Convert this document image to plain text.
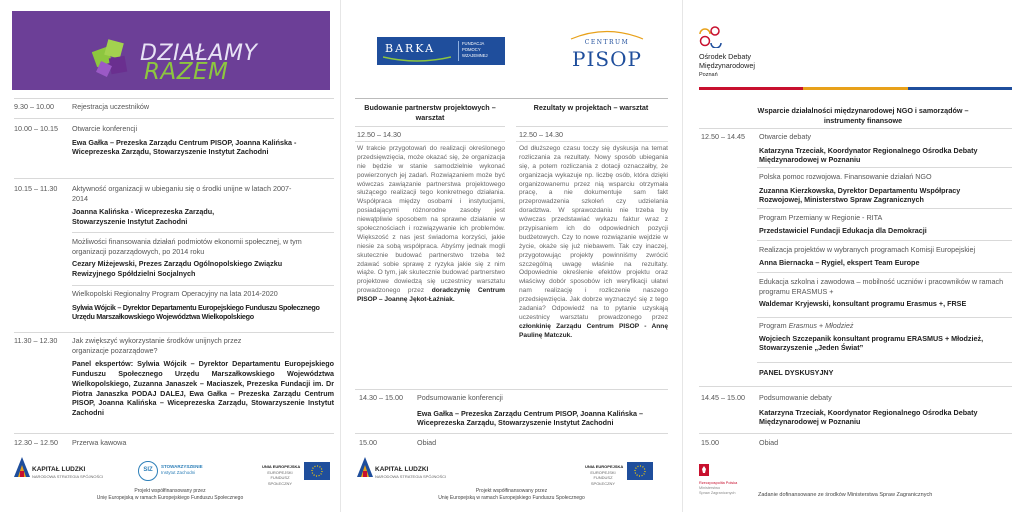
DZIAŁAMY
RAZEM
9.30 – 10.00	Rejestracja uczestników
10.00 – 10.15	Otwarcie konferencji
Ewa Gałka – Prezeska Zarządu Centrum PISOP, Joanna Kalińska - Wiceprezeska Zarządu, Stowarzyszenie Instytut Zachodni
10.15 – 11.30	Aktywność organizacji w ubieganiu się o środki unijne w latach 2007-2014
Joanna Kalińska - Wiceprezeska Zarządu, Stowarzyszenie Instytut Zachodni
Możliwości finansowania działań podmiotów ekonomii społecznej, w tym organizacji pozarządowych, po 2014 roku
Cezary Miżejewski, Prezes Zarządu Ogólnopolskiego Związku Rewizyjnego Spółdzielni Socjalnych
Wielkopolski Regionalny Program Operacyjny na lata 2014-2020
Sylwia Wójcik – Dyrektor Departamentu Europejskiego Funduszu Społecznego Urzędu Marszałkowskiego Województwa Wielkopolskiego
11.30 – 12.30	Jak zwiększyć wykorzystanie środków unijnych przez organizacje pozarządowe?
Panel ekspertów: Sylwia Wójcik – Dyrektor Departamentu Europejskiego Funduszu Społecznego Urzędu Marszałkowskiego Województwa Wielkopolskiego, Zuzanna Janaszek – Maciaszek, Prezeska Fundacji im. Dr Piotra Janaszka PODAJ DALEJ, Ewa Gałka – Prezeska Zarządu Centrum PISOP, Joanna Kalińska – Wiceprezeska Zarządu, Stowarzyszenie Instytut Zachodni
12.30 – 12.50	Przerwa kawowa
KAPITAŁ LUDZKI
NARODOWA STRATEGIA SPÓJNOŚCI
SIZ
STOWARZYSZENIE
Instytut Zachodni
UNIA EUROPEJSKA
EUROPEJSKI FUNDUSZ SPOŁECZNY
Projekt współfinansowany przez
Unię Europejską w ramach Europejskiego Funduszu Społecznego
BARKA	FUNDACJA
POMOCY
WZAJEMNEJ
CENTRUM
PISOP
Budowanie partnerstw projektowych – warsztat
12.50 – 14.30
W trakcie przygotowań do realizacji określonego przedsięwzięcia, może okazać się, że organizacja nie będzie w stanie samodzielnie wykonać powierzonych jej zadań. Rozwiązaniem może być wówczas zawiązanie partnerstwa projektowego służącego realizacji tego konkretnego działania. Współpraca między osobami i instytucjami, posiadającymi różnorodne zasoby jest niewątpliwie sposobem na sprawne działanie w społecznościach i rozwiązywanie ich problemów. Większość z nas jest świadoma korzyści, jakie niesie za sobą współpraca. Abyśmy jednak mogli skutecznie budować partnerstwo trzeba też zdawać sobie sprawę z ryzyka jakie się z nim wiąże. O tym, jak skutecznie budować partnerstwo projektowe dowiedzą się uczestnicy warsztatu prowadzonego przez doradczynię Centrum PISOP – Joannę Jękot-Łaźniak.
Rezultaty w projektach – warsztat
12.50 – 14.30
Od dłuższego czasu toczy się dyskusja na temat rozliczania za rezultaty. Nowy sposób ubiegania się, a potem rozliczania z dotacji oznaczałby, że organizacja wykazuje np. liczbę osób, która dzięki organizowanemu przez nią wsparciu otrzymała pracę, a nie dokumentuje sam fakt przeprowadzenia szkoleń czy udzielania doradztwa. W sprawozdaniu nie trzeba by wówczas przedstawiać wykazu faktur wraz z przypisaniem ich do odpowiednich pozycji budżetowych. Czy to nowe rozwiązanie wejdzie w życie, okaże się już niebawem. Tak czy inaczej, przygotowując projekty powinniśmy zwrócić szczególną uwagę właśnie na rezultaty. Odpowiednie określenie efektów projektu oraz właściwy dobór sposobów ich weryfikacji ułatwi nam realizację i rozliczenie naszego przedsięwzięcia. Jak dobrze wyznaczyć się z tego zadania? Odpowiedź na to pytanie uzyskają uczestnicy warsztatu prowadzonego przez członkinię Zarządu Centrum PISOP - Annę Paulinę Matczuk.
14.30 – 15.00	Podsumowanie konferencji
Ewa Gałka – Prezeska Zarządu Centrum PISOP, Joanna Kalińska – Wiceprezeska Zarządu, Stowarzyszenie Instytut Zachodni
15.00	Obiad
KAPITAŁ LUDZKI
NARODOWA STRATEGIA SPÓJNOŚCI
UNIA EUROPEJSKA
EUROPEJSKI FUNDUSZ SPOŁECZNY
Projekt współfinansowany przez
Unię Europejską w ramach Europejskiego Funduszu Społecznego
Ośrodek Debaty
Międzynarodowej
Poznań
Wsparcie działalności międzynarodowej NGO i samorządów – instrumenty finansowe
12.50 – 14.45	Otwarcie debaty
Katarzyna Trzeciak, Koordynator Regionalnego Ośrodka Debaty Międzynarodowej w Poznaniu
Polska pomoc rozwojowa. Finansowanie działań NGO
Zuzanna Kierzkowska, Dyrektor Departamentu Współpracy Rozwojowej, Ministerstwo Spraw Zagranicznych
Program Przemiany w Regionie - RITA
Przedstawiciel Fundacji Edukacja dla Demokracji
Realizacja projektów w wybranych programach Komisji Europejskiej
Anna Biernacka – Rygiel, ekspert Team Europe
Edukacja szkolna i zawodowa – mobilność uczniów i pracowników w ramach programu ERASMUS +
Waldemar Kryjewski, konsultant programu Erasmus +, FRSE
Program Erasmus + Młodzież
Wojciech Szczepanik konsultant programu ERASMUS + Młodzież, Stowarzyszenie „Jeden Świat”
PANEL DYSKUSYJNY
14.45 – 15.00	Podsumowanie debaty
Katarzyna Trzeciak, Koordynator Regionalnego Ośrodka Debaty Międzynarodowej w Poznaniu
15.00	Obiad
Rzeczpospolita Polska
Ministerstwo
Spraw Zagranicznych	Zadanie dofinansowane ze środków Ministerstwa Spraw Zagranicznych
